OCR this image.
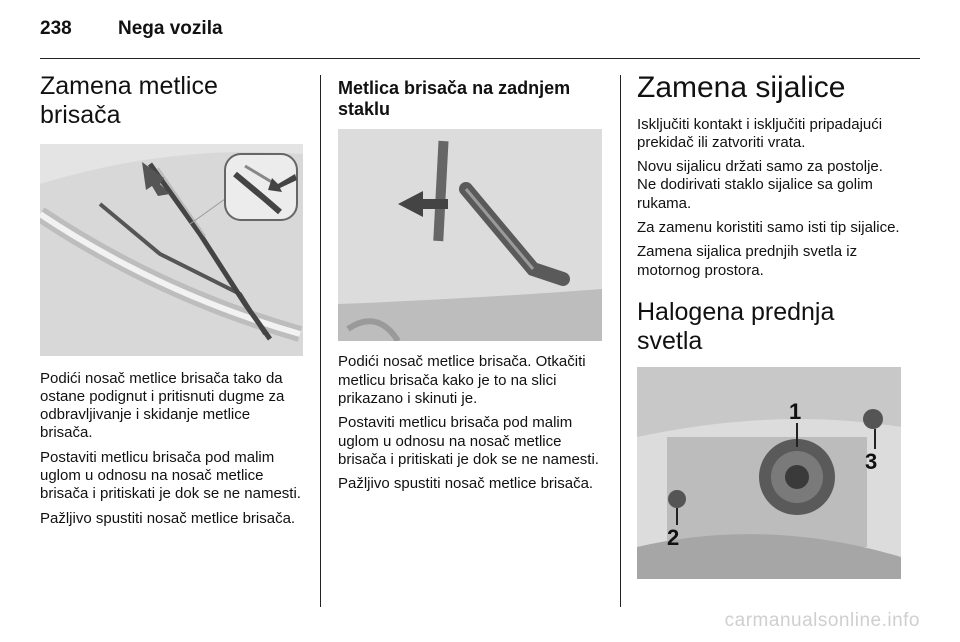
238 Nega vozila
Zamena metlice brisača

Podići nosač metlice brisača tako da ostane podignut i pritisnuti dugme za odbravljivanje i skidanje metlice brisača.

Postaviti metlicu brisača pod malim uglom u odnosu na nosač metlice brisača i pritiskati je dok se ne namesti.

Pažljivo spustiti nosač metlice brisača.

Metlica brisača na zadnjem staklu

Podići nosač metlice brisača. Otkačiti metlicu brisača kako je to na slici prikazano i skinuti je.

Postaviti metlicu brisača pod malim uglom u odnosu na nosač metlice brisača i pritiskati je dok se ne namesti.

Pažljivo spustiti nosač metlice brisača.

Zamena sijalice

Isključiti kontakt i isključiti pripadajući prekidač ili zatvoriti vrata.

Novu sijalicu držati samo za postolje. Ne dodirivati staklo sijalice sa golim rukama.

Za zamenu koristiti samo isti tip sijalice.

Zamena sijalica prednjih svetla iz motornog prostora.

Halogena prednja svetla
1
2
3
carmanualsonline.info
